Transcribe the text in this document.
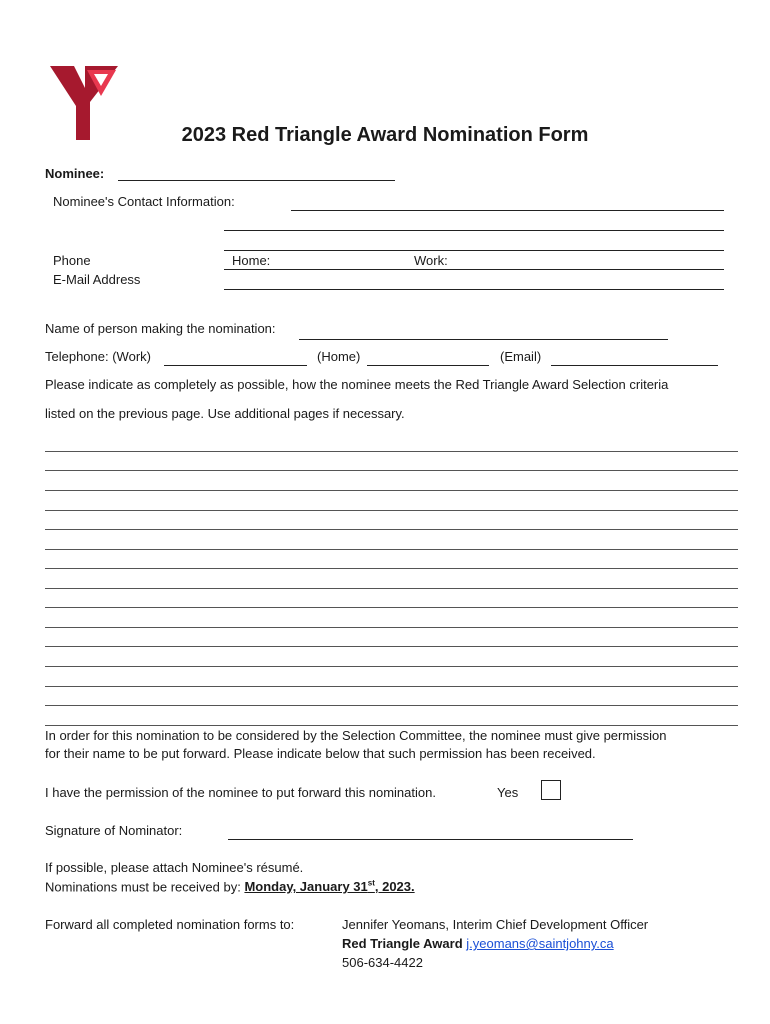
2023 Red Triangle Award Nomination Form
Nominee:
Nominee's Contact Information:
Phone	Home:	Work:
E-Mail Address
Name of person making the nomination:
Telephone: (Work)	(Home)	(Email)
Please indicate as completely as possible, how the nominee meets the Red Triangle Award Selection criteria
listed on the previous page. Use additional pages if necessary.
In order for this nomination to be considered by the Selection Committee, the nominee must give permission
for their name to be put forward. Please indicate below that such permission has been received.
I have the permission of the nominee to put forward this nomination.	Yes
Signature of Nominator:
If possible, please attach Nominee's résumé.
Nominations must be received by: Monday, January 31st, 2023.
Forward all completed nomination forms to:	Jennifer Yeomans, Interim Chief Development Officer
Red Triangle Award j.yeomans@saintjohny.ca
506-634-4422
